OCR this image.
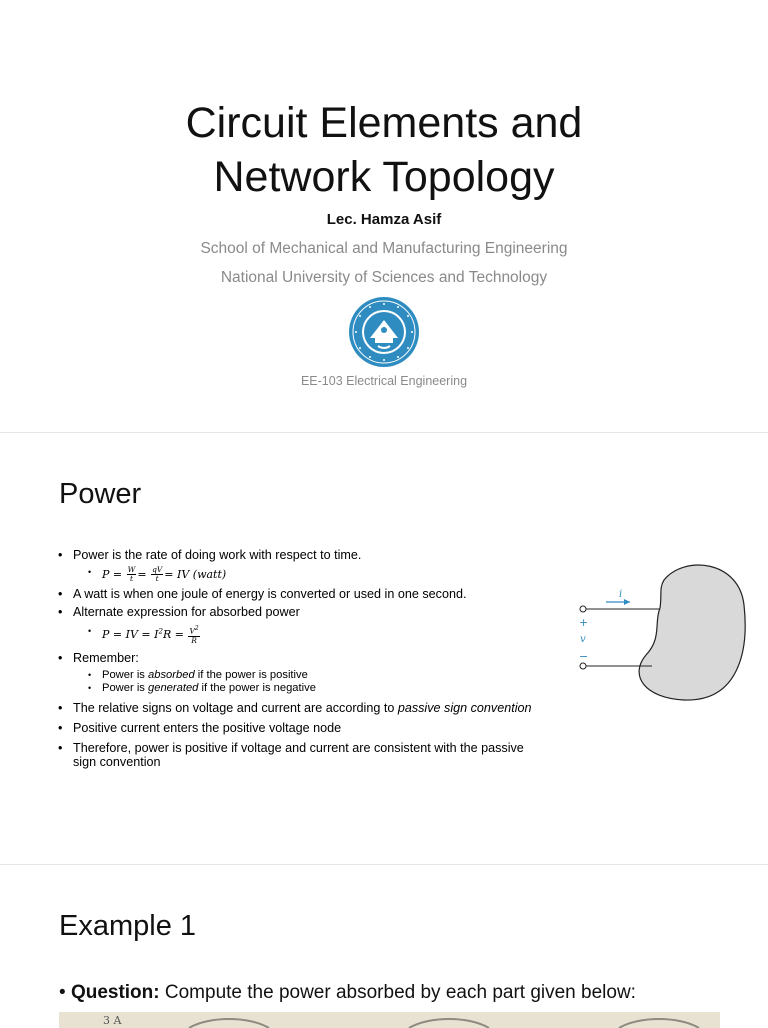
Circuit Elements and
Network Topology
Lec. Hamza Asif
School of Mechanical and Manufacturing Engineering
National University of Sciences and Technology
EE-103 Electrical Engineering
Power
• Power is the rate of doing work with respect to time.
• $P = \frac{W}{t} = \frac{qV}{t}$ = IV (watt)
• A watt is when one joule of energy is converted or used in one second.
• Alternate expression for absorbed power
• P = IV = $I^2R = \frac{V^2}{R}$
• Remember:
• Power is absorbed if the power is positive
• Power is generated if the power is negative
• The relative signs on voltage and current are according to passive sign convention
• Positive current enters the positive voltage node
• Therefore, power is positive if voltage and current are consistent with the passive sign convention
i
+
v
−
Example 1
• Question: Compute the power absorbed by each part given below:
3 A
